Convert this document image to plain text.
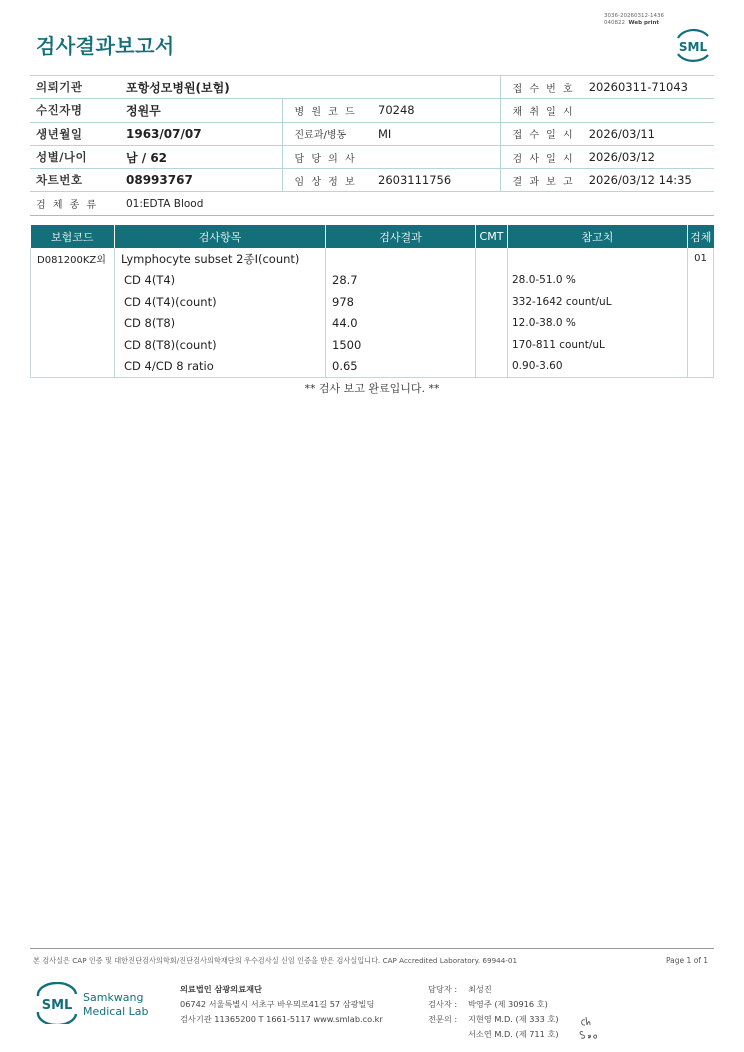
3036-20260312-1436
040822 Web print
검사결과보고서	SML
의뢰기관	포항성모병원(보험)			접 수 번 호	20260311-71043
수진자명	정원무	병 원 코 드	70248	채 취 일 시	
생년월일	1963/07/07	진료과/병동	MI	접 수 일 시	2026/03/11
성별/나이	남 / 62	담 당 의 사		검 사 일 시	2026/03/12
차트번호	08993767	임 상 정 보	2603111756	결 과 보 고	2026/03/12 14:35
검 체 종 류	01:EDTA Blood				
보험코드	검사항목	검사결과	CMT	참고치	검체
D081200KZ외	Lymphocyte subset 2종I(count)				01
	CD 4(T4)	28.7		28.0-51.0 %	
	CD 4(T4)(count)	978		332-1642 count/uL	
	CD 8(T8)	44.0		12.0-38.0 %	
	CD 8(T8)(count)	1500		170-811 count/uL	
	CD 4/CD 8 ratio	0.65		0.90-3.60	
** 검사 보고 완료입니다. **
본 검사실은 CAP 인증 및 대한진단검사의학회/진단검사의학재단의 우수검사실 신임 인증을 받은 검사실입니다. CAP Accredited Laboratory. 69944-01	Page 1 of 1
SML
Samkwang
Medical Lab
의료법인 삼광의료재단
06742 서울특별시 서초구 바우뫼로41길 57 삼광빌딩
검사기관 11365200 T 1661-5117 www.smlab.co.kr
담당자 :	최성진
검사자 :	박영주 (제 30916 호)
전문의 :	지현영 M.D. (제 333 호)
서소연 M.D. (제 711 호)
